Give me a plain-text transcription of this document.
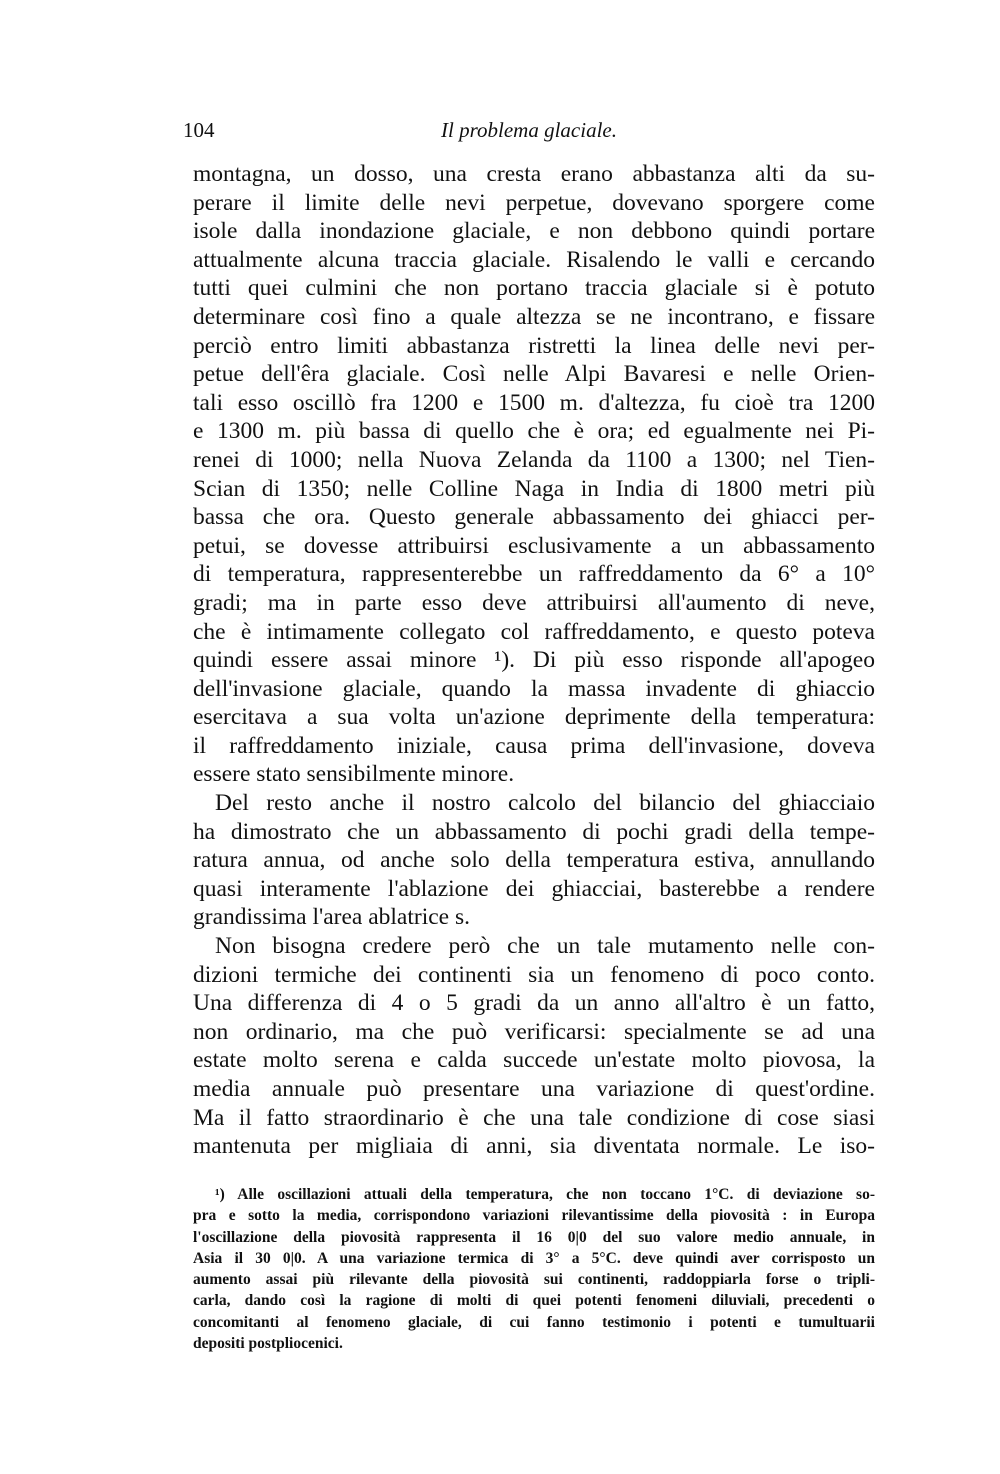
104	Il problema glaciale.
montagna, un dosso, una cresta erano abbastanza alti da su-
perare il limite delle nevi perpetue, dovevano sporgere come
isole dalla inondazione glaciale, e non debbono quindi portare
attualmente alcuna traccia glaciale. Risalendo le valli e cercando
tutti quei culmini che non portano traccia glaciale si è potuto
determinare così fino a quale altezza se ne incontrano, e fissare
perciò entro limiti abbastanza ristretti la linea delle nevi per-
petue dell'êra glaciale. Così nelle Alpi Bavaresi e nelle Orien-
tali esso oscillò fra 1200 e 1500 m. d'altezza, fu cioè tra 1200
e 1300 m. più bassa di quello che è ora; ed egualmente nei Pi-
renei di 1000; nella Nuova Zelanda da 1100 a 1300; nel Tien-
Scian di 1350; nelle Colline Naga in India di 1800 metri più
bassa che ora. Questo generale abbassamento dei ghiacci per-
petui, se dovesse attribuirsi esclusivamente a un abbassamento
di temperatura, rappresenterebbe un raffreddamento da 6° a 10°
gradi; ma in parte esso deve attribuirsi all'aumento di neve,
che è intimamente collegato col raffreddamento, e questo poteva
quindi essere assai minore ¹). Di più esso risponde all'apogeo
dell'invasione glaciale, quando la massa invadente di ghiaccio
esercitava a sua volta un'azione deprimente della temperatura:
il raffreddamento iniziale, causa prima dell'invasione, doveva
essere stato sensibilmente minore.
Del resto anche il nostro calcolo del bilancio del ghiacciaio
ha dimostrato che un abbassamento di pochi gradi della tempe-
ratura annua, od anche solo della temperatura estiva, annullando
quasi interamente l'ablazione dei ghiacciai, basterebbe a rendere
grandissima l'area ablatrice s.
Non bisogna credere però che un tale mutamento nelle con-
dizioni termiche dei continenti sia un fenomeno di poco conto.
Una differenza di 4 o 5 gradi da un anno all'altro è un fatto,
non ordinario, ma che può verificarsi: specialmente se ad una
estate molto serena e calda succede un'estate molto piovosa, la
media annuale può presentare una variazione di quest'ordine.
Ma il fatto straordinario è che una tale condizione di cose siasi
mantenuta per migliaia di anni, sia diventata normale. Le iso-
¹) Alle oscillazioni attuali della temperatura, che non toccano 1°C. di deviazione so-
pra e sotto la media, corrispondono variazioni rilevantissime della piovosità : in Europa
l'oscillazione della piovosità rappresenta il 16 0|0 del suo valore medio annuale, in
Asia il 30 0|0. A una variazione termica di 3° a 5°C. deve quindi aver corrisposto un
aumento assai più rilevante della piovosità sui continenti, raddoppiarla forse o tripli-
carla, dando così la ragione di molti di quei potenti fenomeni diluviali, precedenti o
concomitanti al fenomeno glaciale, di cui fanno testimonio i potenti e tumultuarii
depositi postpliocenici.
